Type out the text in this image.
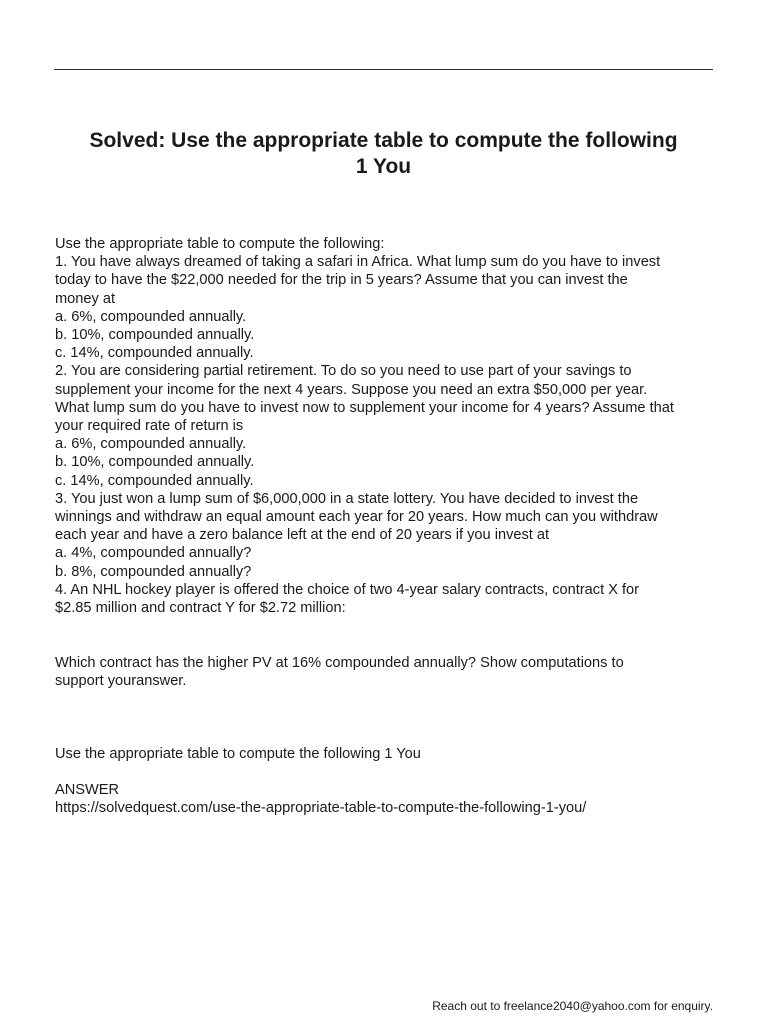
Solved: Use the appropriate table to compute the following
1 You
Use the appropriate table to compute the following:
1. You have always dreamed of taking a safari in Africa. What lump sum do you have to invest
today to have the $22,000 needed for the trip in 5 years? Assume that you can invest the
money at
a. 6%, compounded annually.
b. 10%, compounded annually.
c. 14%, compounded annually.
2. You are considering partial retirement. To do so you need to use part of your savings to
supplement your income for the next 4 years. Suppose you need an extra $50,000 per year.
What lump sum do you have to invest now to supplement your income for 4 years? Assume that
your required rate of return is
a. 6%, compounded annually.
b. 10%, compounded annually.
c. 14%, compounded annually.
3. You just won a lump sum of $6,000,000 in a state lottery. You have decided to invest the
winnings and withdraw an equal amount each year for 20 years. How much can you withdraw
each year and have a zero balance left at the end of 20 years if you invest at
a. 4%, compounded annually?
b. 8%, compounded annually?
4. An NHL hockey player is offered the choice of two 4-year salary contracts, contract X for
$2.85 million and contract Y for $2.72 million:
Which contract has the higher PV at 16% compounded annually? Show computations to
support youranswer.
Use the appropriate table to compute the following 1 You
ANSWER
https://solvedquest.com/use-the-appropriate-table-to-compute-the-following-1-you/
Reach out to freelance2040@yahoo.com for enquiry.
